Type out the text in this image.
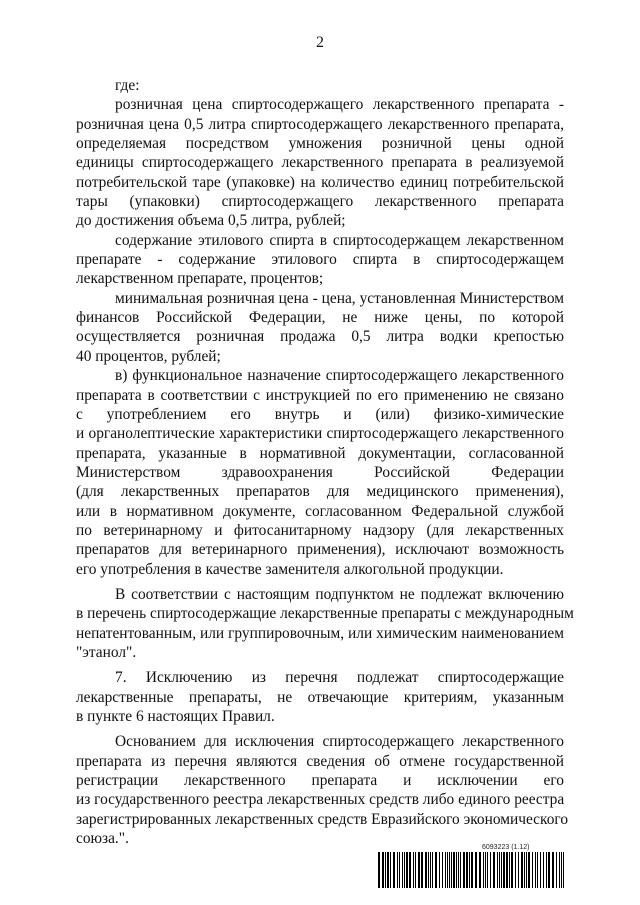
2
где:
розничная цена спиртосодержащего лекарственного препарата -
розничная цена 0,5 литра спиртосодержащего лекарственного препарата,
определяемая посредством умножения розничной цены одной
единицы спиртосодержащего лекарственного препарата в реализуемой
потребительской таре (упаковке) на количество единиц потребительской
тары (упаковки) спиртосодержащего лекарственного препарата
до достижения объема 0,5 литра, рублей;
содержание этилового спирта в спиртосодержащем лекарственном
препарате - содержание этилового спирта в спиртосодержащем
лекарственном препарате, процентов;
минимальная розничная цена - цена, установленная Министерством
финансов Российской Федерации, не ниже цены, по которой
осуществляется розничная продажа 0,5 литра водки крепостью
40 процентов, рублей;
в) функциональное назначение спиртосодержащего лекарственного
препарата в соответствии с инструкцией по его применению не связано
с употреблением его внутрь и (или) физико-химические
и органолептические характеристики спиртосодержащего лекарственного
препарата, указанные в нормативной документации, согласованной
Министерством здравоохранения Российской Федерации
(для лекарственных препаратов для медицинского применения),
или в нормативном документе, согласованном Федеральной службой
по ветеринарному и фитосанитарному надзору (для лекарственных
препаратов для ветеринарного применения), исключают возможность
его употребления в качестве заменителя алкогольной продукции.
В соответствии с настоящим подпунктом не подлежат включению
в перечень спиртосодержащие лекарственные препараты с международным
непатентованным, или группировочным, или химическим наименованием
"этанол".
7. Исключению из перечня подлежат спиртосодержащие
лекарственные препараты, не отвечающие критериям, указанным
в пункте 6 настоящих Правил.
Основанием для исключения спиртосодержащего лекарственного
препарата из перечня являются сведения об отмене государственной
регистрации лекарственного препарата и исключении его
из государственного реестра лекарственных средств либо единого реестра
зарегистрированных лекарственных средств Евразийского экономического
союза.".
6093223 (1.12)
